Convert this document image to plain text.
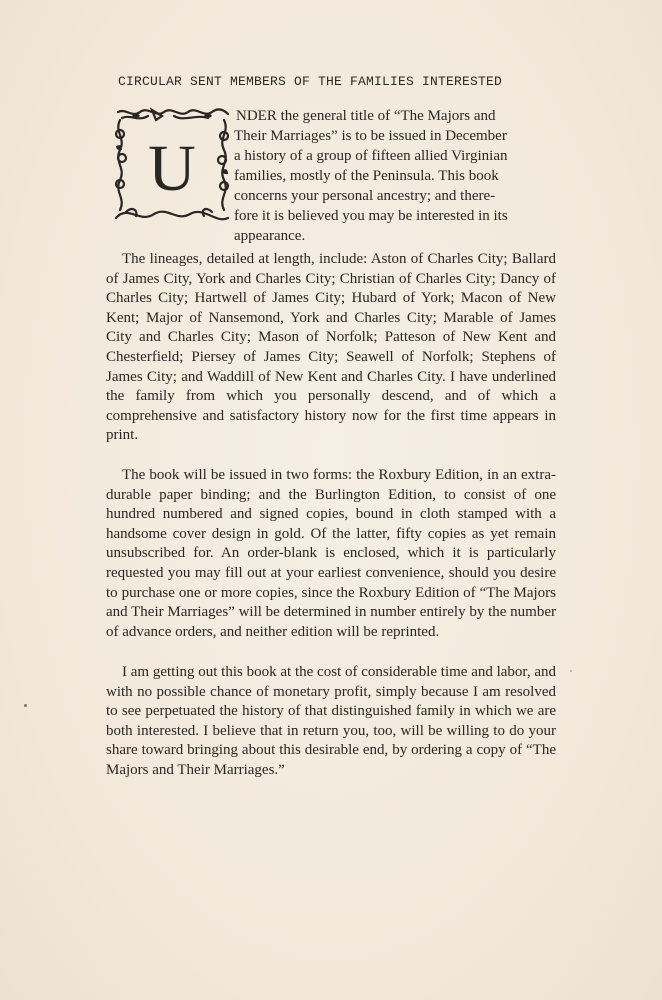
CIRCULAR SENT MEMBERS OF THE FAMILIES INTERESTED
U
NDER the general title of “The Majors and
Their Marriages” is to be issued in December
a history of a group of fifteen allied Virginian
families, mostly of the Peninsula. This book
concerns your personal ancestry; and there-
fore it is believed you may be interested in its
appearance.

The lineages, detailed at length, include: Aston of Charles City; Ballard of James City, York and Charles City; Christian of Charles City; Dancy of Charles City; Hartwell of James City; Hubard of York; Macon of New Kent; Major of Nansemond, York and Charles City; Marable of James City and Charles City; Mason of Norfolk; Patteson of New Kent and Chesterfield; Piersey of James City; Seawell of Norfolk; Stephens of James City; and Waddill of New Kent and Charles City. I have underlined the family from which you personally descend, and of which a comprehensive and satisfactory history now for the first time appears in print.

The book will be issued in two forms: the Roxbury Edition, in an extra-durable paper binding; and the Burlington Edition, to consist of one hundred numbered and signed copies, bound in cloth stamped with a handsome cover design in gold. Of the latter, fifty copies as yet remain unsubscribed for. An order-blank is enclosed, which it is particularly requested you may fill out at your earliest convenience, should you desire to purchase one or more copies, since the Roxbury Edition of “The Majors and Their Marriages” will be determined in number entirely by the number of advance orders, and neither edition will be reprinted.

I am getting out this book at the cost of considerable time and labor, and with no possible chance of monetary profit, simply because I am resolved to see perpetuated the history of that distinguished family in which we are both interested. I believe that in return you, too, will be willing to do your share toward bringing about this desirable end, by ordering a copy of “The Majors and Their Marriages.”
